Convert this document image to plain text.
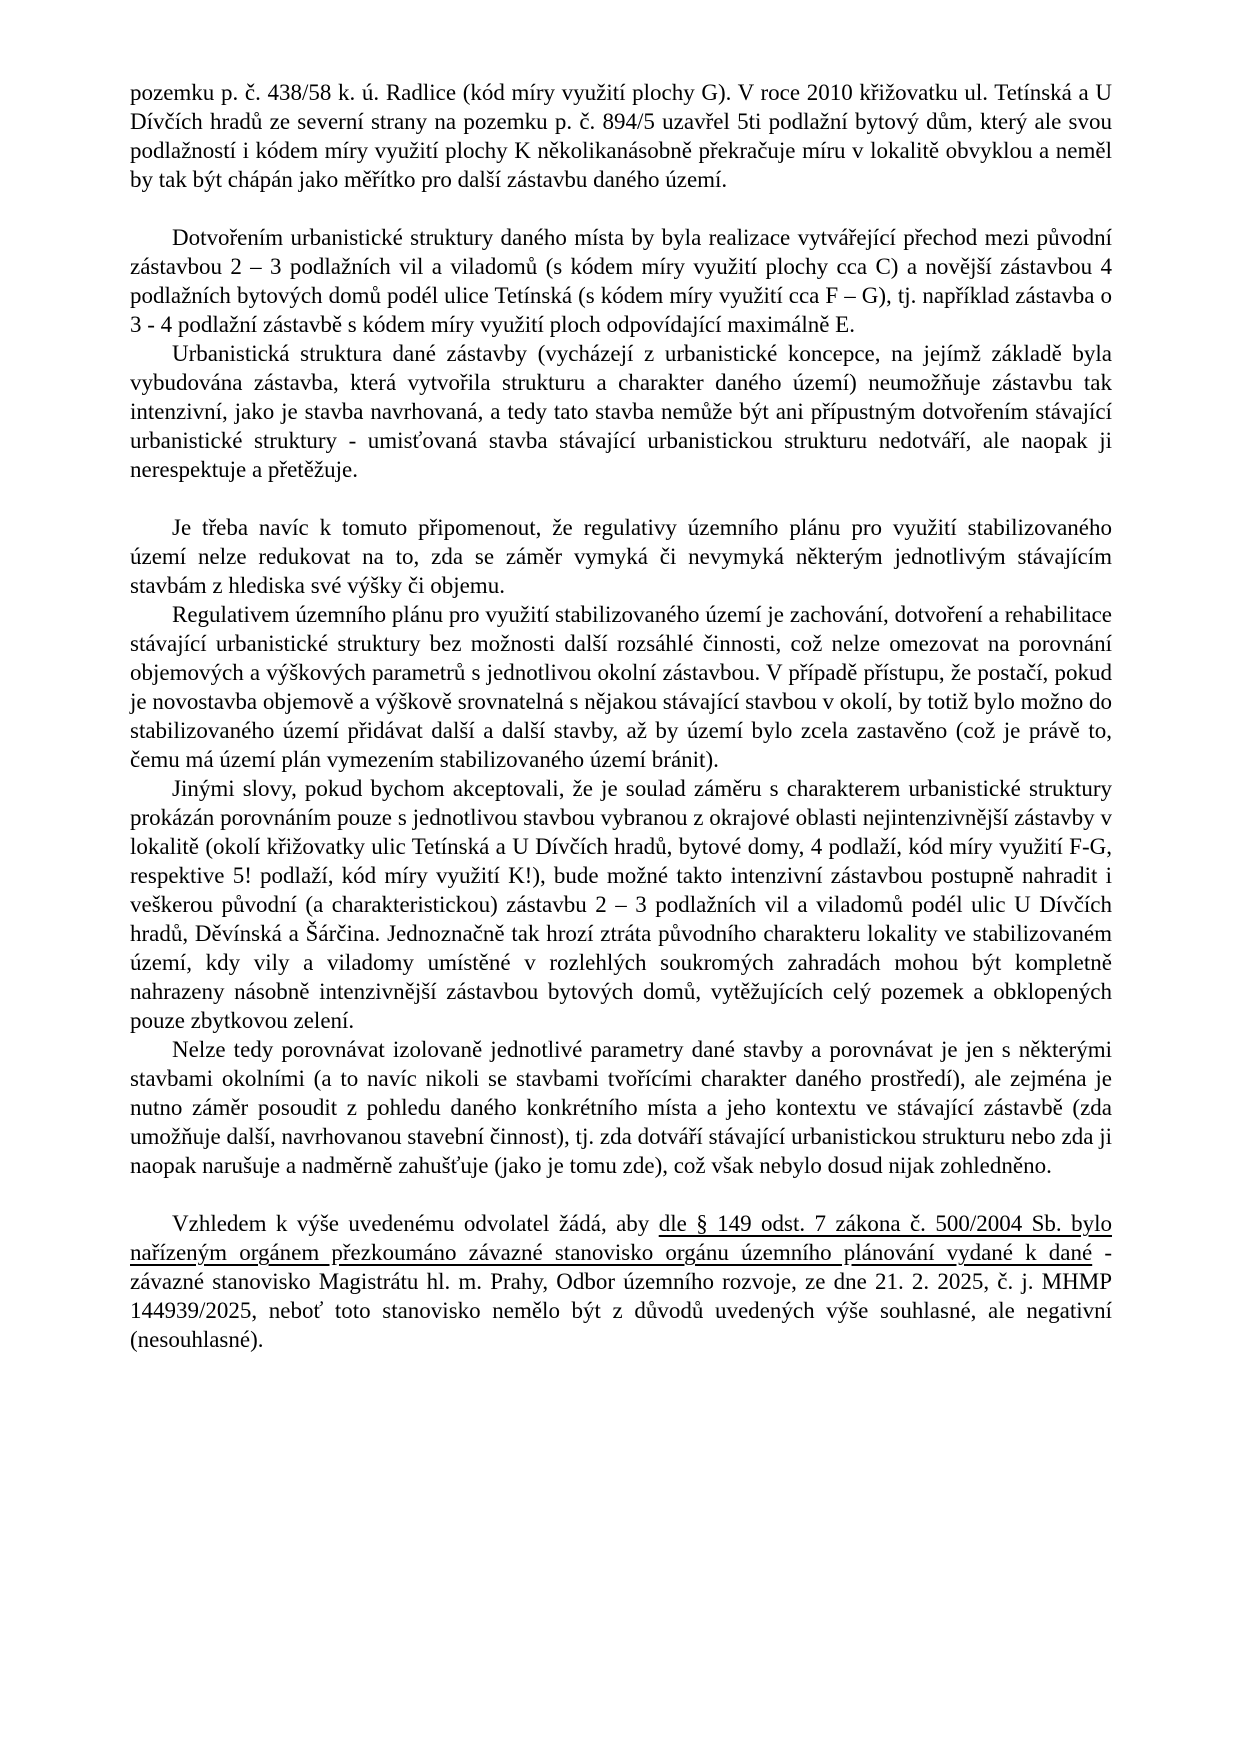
pozemku p. č. 438/58 k. ú. Radlice (kód míry využití plochy G). V roce 2010 křižovatku ul. Tetínská a U Dívčích hradů ze severní strany na pozemku p. č. 894/5 uzavřel 5ti podlažní bytový dům, který ale svou podlažností i kódem míry využití plochy K několikanásobně překračuje míru v lokalitě obvyklou a neměl by tak být chápán jako měřítko pro další zástavbu daného území.

Dotvořením urbanistické struktury daného místa by byla realizace vytvářející přechod mezi původní zástavbou 2 – 3 podlažních vil a viladomů (s kódem míry využití plochy cca C) a novější zástavbou 4 podlažních bytových domů podél ulice Tetínská (s kódem míry využití cca F – G), tj. například zástavba o 3 - 4 podlažní zástavbě s kódem míry využití ploch odpovídající maximálně E.

Urbanistická struktura dané zástavby (vycházejí z urbanistické koncepce, na jejímž základě byla vybudována zástavba, která vytvořila strukturu a charakter daného území) neumožňuje zástavbu tak intenzivní, jako je stavba navrhovaná, a tedy tato stavba nemůže být ani přípustným dotvořením stávající urbanistické struktury - umisťovaná stavba stávající urbanistickou strukturu nedotváří, ale naopak ji nerespektuje a přetěžuje.

Je třeba navíc k tomuto připomenout, že regulativy územního plánu pro využití stabilizovaného území nelze redukovat na to, zda se záměr vymyká či nevymyká některým jednotlivým stávajícím stavbám z hlediska své výšky či objemu.

Regulativem územního plánu pro využití stabilizovaného území je zachování, dotvoření a rehabilitace stávající urbanistické struktury bez možnosti další rozsáhlé činnosti, což nelze omezovat na porovnání objemových a výškových parametrů s jednotlivou okolní zástavbou. V případě přístupu, že postačí, pokud je novostavba objemově a výškově srovnatelná s nějakou stávající stavbou v okolí, by totiž bylo možno do stabilizovaného území přidávat další a další stavby, až by území bylo zcela zastavěno (což je právě to, čemu má území plán vymezením stabilizovaného území bránit).

Jinými slovy, pokud bychom akceptovali, že je soulad záměru s charakterem urbanistické struktury prokázán porovnáním pouze s jednotlivou stavbou vybranou z okrajové oblasti nejintenzivnější zástavby v lokalitě (okolí křižovatky ulic Tetínská a U Dívčích hradů, bytové domy, 4 podlaží, kód míry využití F-G, respektive 5! podlaží, kód míry využití K!), bude možné takto intenzivní zástavbou postupně nahradit i veškerou původní (a charakteristickou) zástavbu 2 – 3 podlažních vil a viladomů podél ulic U Dívčích hradů, Děvínská a Šárčina. Jednoznačně tak hrozí ztráta původního charakteru lokality ve stabilizovaném území, kdy vily a viladomy umístěné v rozlehlých soukromých zahradách mohou být kompletně nahrazeny násobně intenzivnější zástavbou bytových domů, vytěžujících celý pozemek a obklopených pouze zbytkovou zelení.

Nelze tedy porovnávat izolovaně jednotlivé parametry dané stavby a porovnávat je jen s některými stavbami okolními (a to navíc nikoli se stavbami tvořícími charakter daného prostředí), ale zejména je nutno záměr posoudit z pohledu daného konkrétního místa a jeho kontextu ve stávající zástavbě (zda umožňuje další, navrhovanou stavební činnost), tj. zda dotváří stávající urbanistickou strukturu nebo zda ji naopak narušuje a nadměrně zahušťuje (jako je tomu zde), což však nebylo dosud nijak zohledněno.

Vzhledem k výše uvedenému odvolatel žádá, aby dle § 149 odst. 7 zákona č. 500/2004 Sb. bylo nařízeným orgánem přezkoumáno závazné stanovisko orgánu územního plánování vydané k dané - závazné stanovisko Magistrátu hl. m. Prahy, Odbor územního rozvoje, ze dne 21. 2. 2025, č. j. MHMP 144939/2025, neboť toto stanovisko nemělo být z důvodů uvedených výše souhlasné, ale negativní (nesouhlasné).
